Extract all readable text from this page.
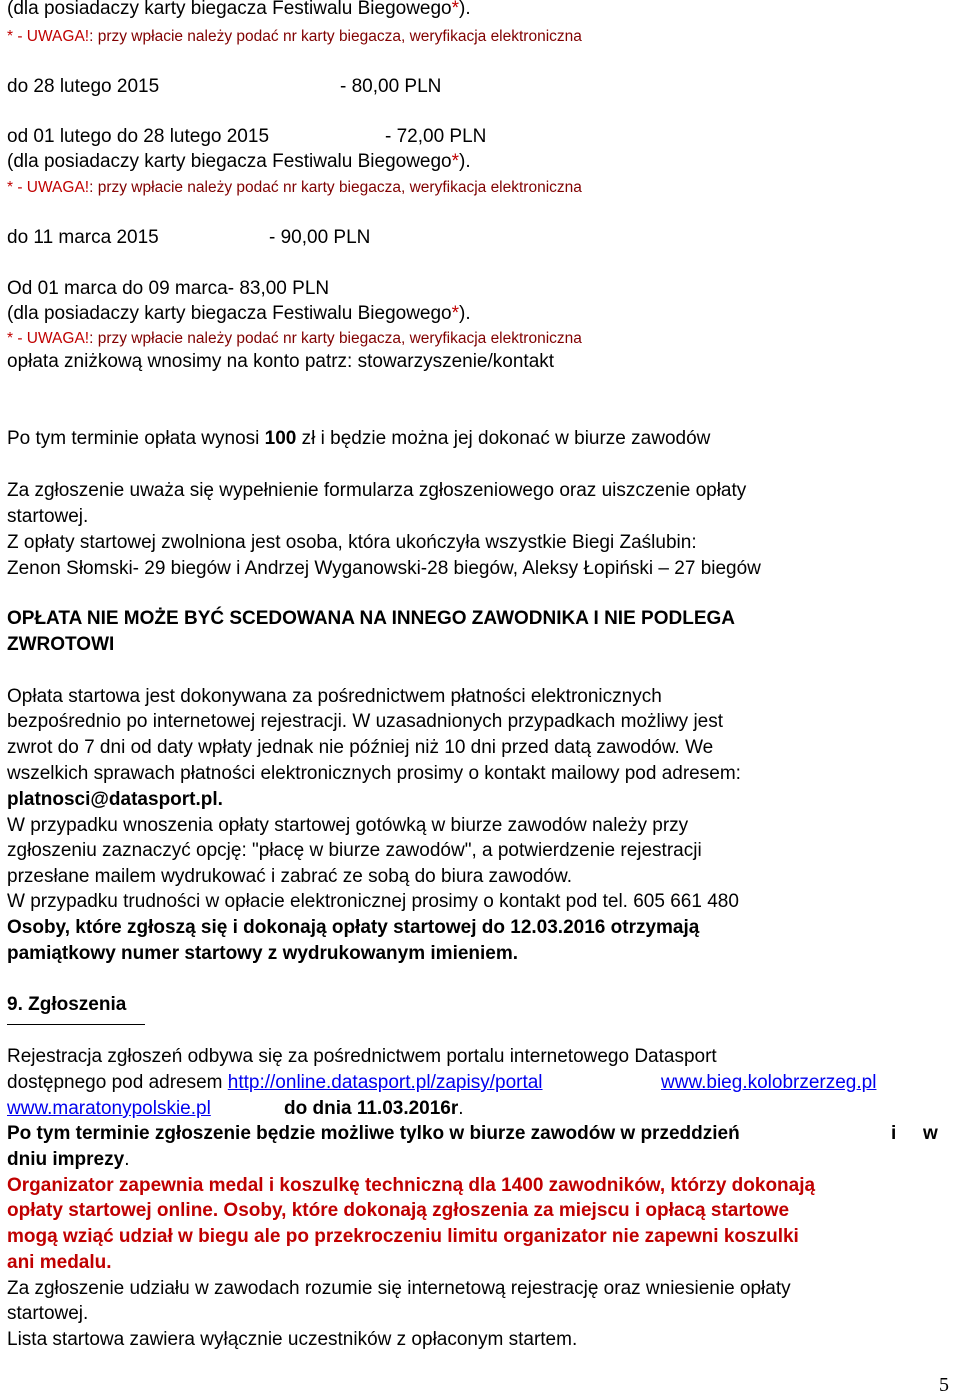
(dla posiadaczy karty biegacza Festiwalu Biegowego*).
* - UWAGA!: przy wpłacie należy podać nr karty biegacza, weryfikacja elektroniczna
do 28 lutego 2015	- 80,00 PLN
od 01 lutego do 28 lutego 2015	- 72,00 PLN
(dla posiadaczy karty biegacza Festiwalu Biegowego*).
* - UWAGA!: przy wpłacie należy podać nr karty biegacza, weryfikacja elektroniczna
do 11 marca 2015	- 90,00 PLN
Od 01 marca do 09 marca- 83,00 PLN
(dla posiadaczy karty biegacza Festiwalu Biegowego*).
* - UWAGA!: przy wpłacie należy podać nr karty biegacza, weryfikacja elektroniczna
opłata zniżkową wnosimy na konto patrz: stowarzyszenie/kontakt
Po tym terminie opłata wynosi 100 zł i będzie można jej dokonać w biurze zawodów
Za zgłoszenie uważa się wypełnienie formularza zgłoszeniowego oraz uiszczenie opłaty
startowej.
Z opłaty startowej zwolniona jest osoba, która ukończyła wszystkie Biegi Zaślubin:
Zenon Słomski- 29 biegów i Andrzej Wyganowski-28 biegów, Aleksy Łopiński – 27 biegów
OPŁATA NIE MOŻE BYĆ SCEDOWANA NA INNEGO ZAWODNIKA I NIE PODLEGA
ZWROTOWI
Opłata startowa jest dokonywana za pośrednictwem płatności elektronicznych
bezpośrednio po internetowej rejestracji. W uzasadnionych przypadkach możliwy jest
zwrot do 7 dni od daty wpłaty jednak nie później niż 10 dni przed datą zawodów. We
wszelkich sprawach płatności elektronicznych prosimy o kontakt mailowy pod adresem:
platnosci@datasport.pl.
W przypadku wnoszenia opłaty startowej gotówką w biurze zawodów należy przy
zgłoszeniu zaznaczyć opcję: "płacę w biurze zawodów", a potwierdzenie rejestracji
przesłane mailem wydrukować i zabrać ze sobą do biura zawodów.
W przypadku trudności w opłacie elektronicznej prosimy o kontakt pod tel. 605 661 480
Osoby, które zgłoszą się i dokonają opłaty startowej do 12.03.2016 otrzymają
pamiątkowy numer startowy z wydrukowanym imieniem.
9. Zgłoszenia
Rejestracja zgłoszeń odbywa się za pośrednictwem portalu internetowego Datasport
dostępnego pod adresem http://online.datasport.pl/zapisy/portal	www.bieg.kolobrzerzeg.pl
www.maratonypolskie.pl	do dnia 11.03.2016r.
Po tym terminie zgłoszenie będzie możliwe tylko w biurze zawodów w przeddzień	i w
dniu imprezy.
Organizator zapewnia medal i koszulkę techniczną dla 1400 zawodników, którzy dokonają
opłaty startowej online. Osoby, które dokonają zgłoszenia za miejscu i opłacą startowe
mogą wziąć udział w biegu ale po przekroczeniu limitu organizator nie zapewni koszulki
ani medalu.
Za zgłoszenie udziału w zawodach rozumie się internetową rejestrację oraz wniesienie opłaty
startowej.
Lista startowa zawiera wyłącznie uczestników z opłaconym startem.
5
